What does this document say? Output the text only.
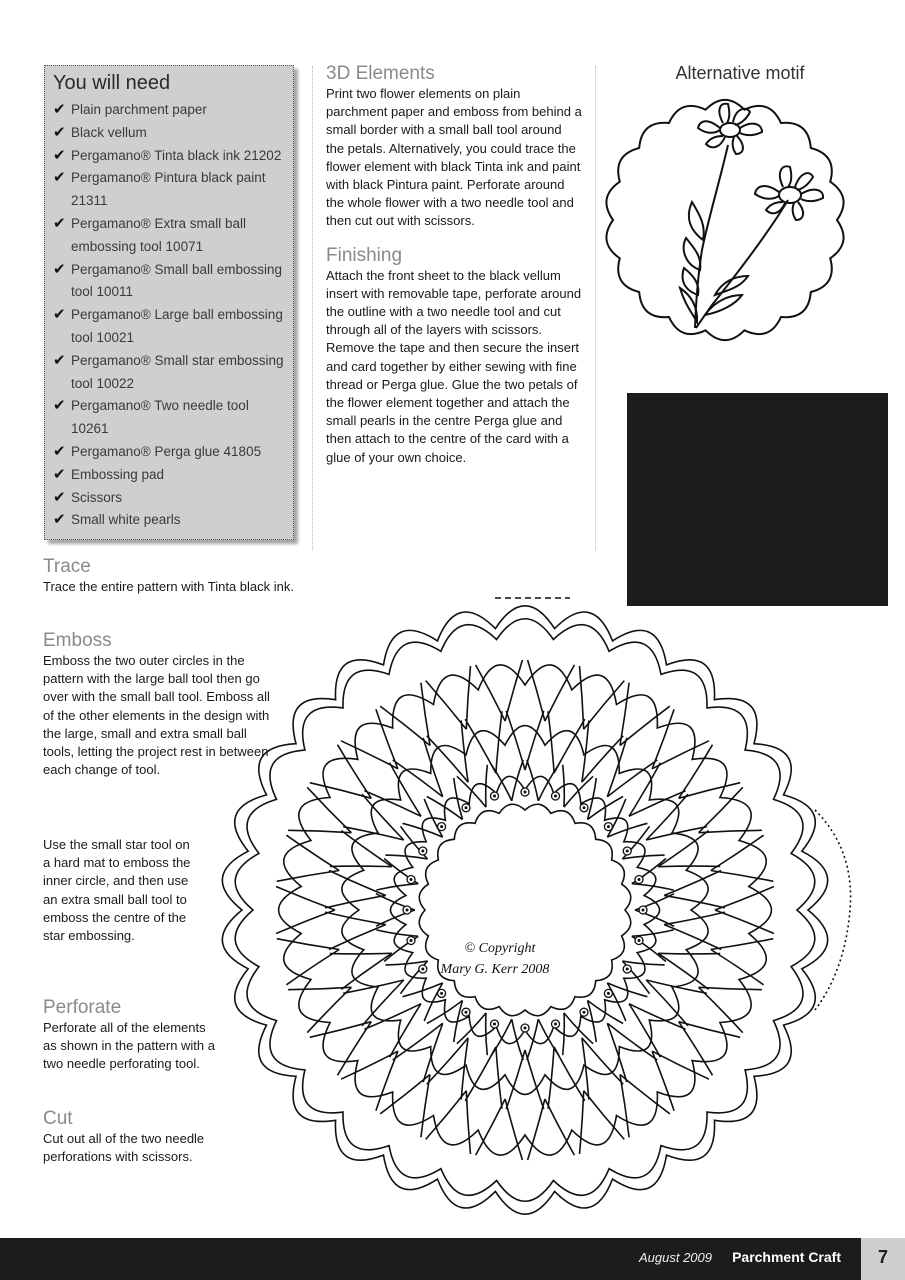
You will need
✔ Plain parchment paper
✔ Black vellum
✔ Pergamano® Tinta black ink 21202
✔ Pergamano® Pintura black paint 21311
✔ Pergamano® Extra small ball embossing tool 10071
✔ Pergamano® Small ball embossing tool 10011
✔ Pergamano® Large ball embossing tool 10021
✔ Pergamano® Small star embossing tool 10022
✔ Pergamano® Two needle tool 10261
✔ Pergamano® Perga glue 41805
✔ Embossing pad
✔ Scissors
✔ Small white pearls
3D Elements
Print two flower elements on plain parchment paper and emboss from behind a small border with a small ball tool around the petals. Alternatively, you could trace the flower element with black Tinta ink and paint with black Pintura paint. Perforate around the whole flower with a two needle tool and then cut out with scissors.
Finishing
Attach the front sheet to the black vellum insert with removable tape, perforate around the outline with a two needle tool and cut through all of the layers with scissors. Remove the tape and then secure the insert and card together by either sewing with fine thread or Perga glue. Glue the two petals of the flower element together and attach the small pearls in the centre Perga glue and then attach to the centre of the card with a glue of your own choice.
Alternative motif
Trace
Trace the entire pattern with Tinta black ink.
Emboss
Emboss the two outer circles in the pattern with the large ball tool then go over with the small ball tool. Emboss all of the other elements in the design with the large, small and extra small ball tools, letting the project rest in between each change of tool.
Use the small star tool on a hard mat to emboss the inner circle, and then use an extra small ball tool to emboss the centre of the star embossing.
Perforate
Perforate all of the elements as shown in the pattern with a two needle perforating tool.
Cut
Cut out all of the two needle perforations with scissors.
© Copyright
Mary G. Kerr 2008
August 2009 Parchment Craft	7
